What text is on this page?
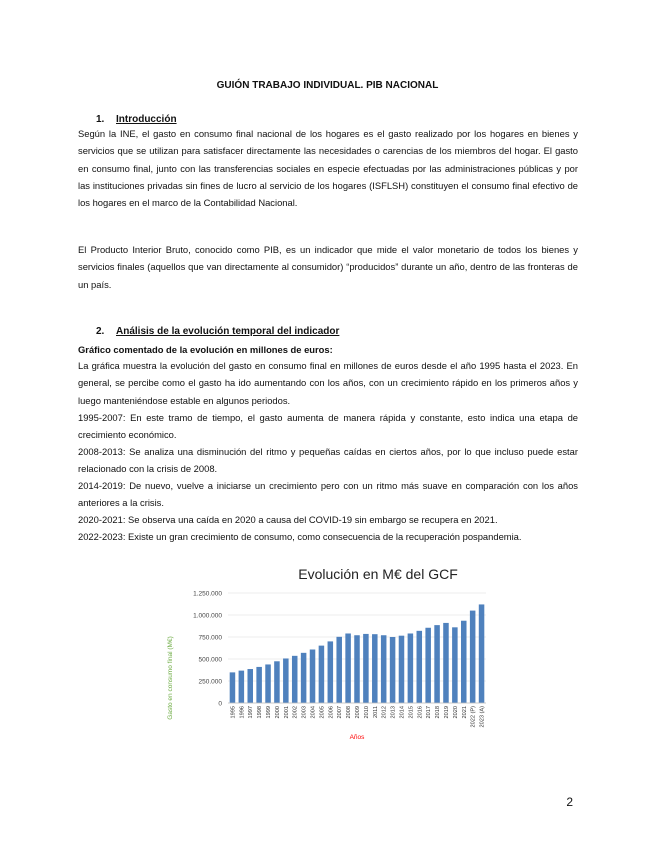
GUIÓN TRABAJO INDIVIDUAL. PIB NACIONAL
1. Introducción

Según la INE, el gasto en consumo final nacional de los hogares es el gasto realizado por los hogares en bienes y servicios que se utilizan para satisfacer directamente las necesidades o carencias de los miembros del hogar. El gasto en consumo final, junto con las transferencias sociales en especie efectuadas por las administraciones públicas y por las instituciones privadas sin fines de lucro al servicio de los hogares (ISFLSH) constituyen el consumo final efectivo de los hogares en el marco de la Contabilidad Nacional.

El Producto Interior Bruto, conocido como PIB, es un indicador que mide el valor monetario de todos los bienes y servicios finales (aquellos que van directamente al consumidor) “producidos” durante un año, dentro de las fronteras de un país.

2. Análisis de la evolución temporal del indicador
Gráfico comentado de la evolución en millones de euros:

La gráfica muestra la evolución del gasto en consumo final en millones de euros desde el año 1995 hasta el 2023. En general, se percibe como el gasto ha ido aumentando con los años, con un crecimiento rápido en los primeros años y luego manteniéndose estable en algunos periodos.

1995-2007: En este tramo de tiempo, el gasto aumenta de manera rápida y constante, esto indica una etapa de crecimiento económico.

2008-2013: Se analiza una disminución del ritmo y pequeñas caídas en ciertos años, por lo que incluso puede estar relacionado con la crisis de 2008.

2014-2019: De nuevo, vuelve a iniciarse un crecimiento pero con un ritmo más suave en comparación con los años anteriores a la crisis.

2020-2021: Se observa una caída en 2020 a causa del COVID-19 sin embargo se recupera en 2021.

2022-2023: Existe un gran crecimiento de consumo, como consecuencia de la recuperación pospandemia.

Evolución en M€ del GCF
0
250.000
500.000
750.000
1.000.000
1.250.000
1995 1996 1997 1998 1999 2000 2001 2002 2003 2004 2005 2006 2007 2008 2009 2010 2011 2012 2013 2014 2015 2016 2017 2018 2019 2020 2021 2022 (P) 2023 (A)
Gasto en consumo final (M€)
Años
2
